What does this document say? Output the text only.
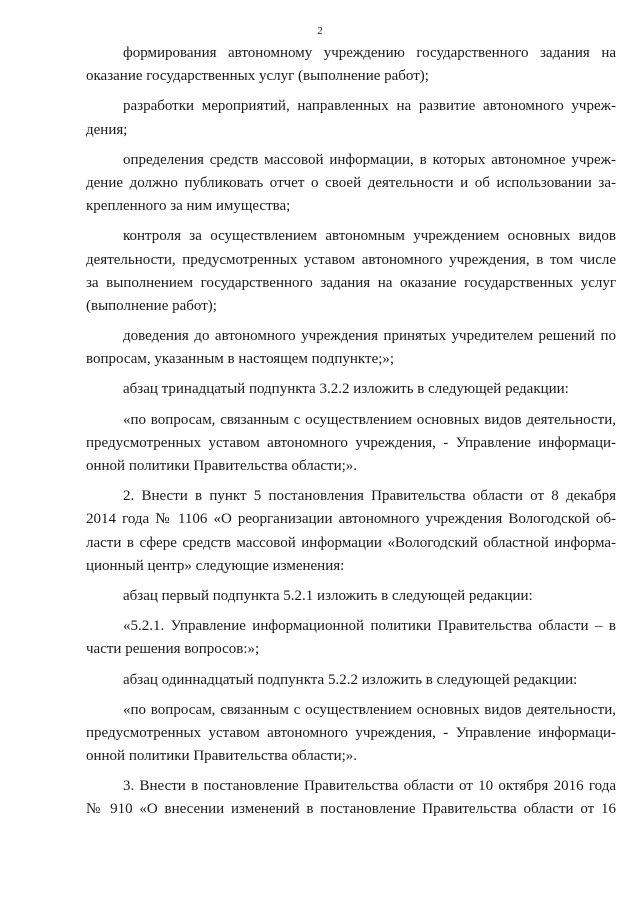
2
формирования автономному учреждению государственного задания на
оказание государственных услуг (выполнение работ);
разработки мероприятий, направленных на развитие автономного учреж-
дения;
определения средств массовой информации, в которых автономное учреж-
дение должно публиковать отчет о своей деятельности и об использовании за-
крепленного за ним имущества;
контроля за осуществлением автономным учреждением основных видов
деятельности, предусмотренных уставом автономного учреждения, в том числе
за выполнением государственного задания на оказание государственных услуг
(выполнение работ);
доведения до автономного учреждения принятых учредителем решений по
вопросам, указанным в настоящем подпункте;»;
абзац тринадцатый подпункта 3.2.2 изложить в следующей редакции:
«по вопросам, связанным с осуществлением основных видов деятельности,
предусмотренных уставом автономного учреждения, - Управление информаци-
онной политики Правительства области;».
2. Внести в пункт 5 постановления Правительства области от 8 декабря
2014 года № 1106 «О реорганизации автономного учреждения Вологодской об-
ласти в сфере средств массовой информации «Вологодский областной информа-
ционный центр» следующие изменения:
абзац первый подпункта 5.2.1 изложить в следующей редакции:
«5.2.1. Управление информационной политики Правительства области – в
части решения вопросов:»;
абзац одиннадцатый подпункта 5.2.2 изложить в следующей редакции:
«по вопросам, связанным с осуществлением основных видов деятельности,
предусмотренных уставом автономного учреждения, - Управление информаци-
онной политики Правительства области;».
3. Внести в постановление Правительства области от 10 октября 2016 года
№ 910 «О внесении изменений в постановление Правительства области от 16
